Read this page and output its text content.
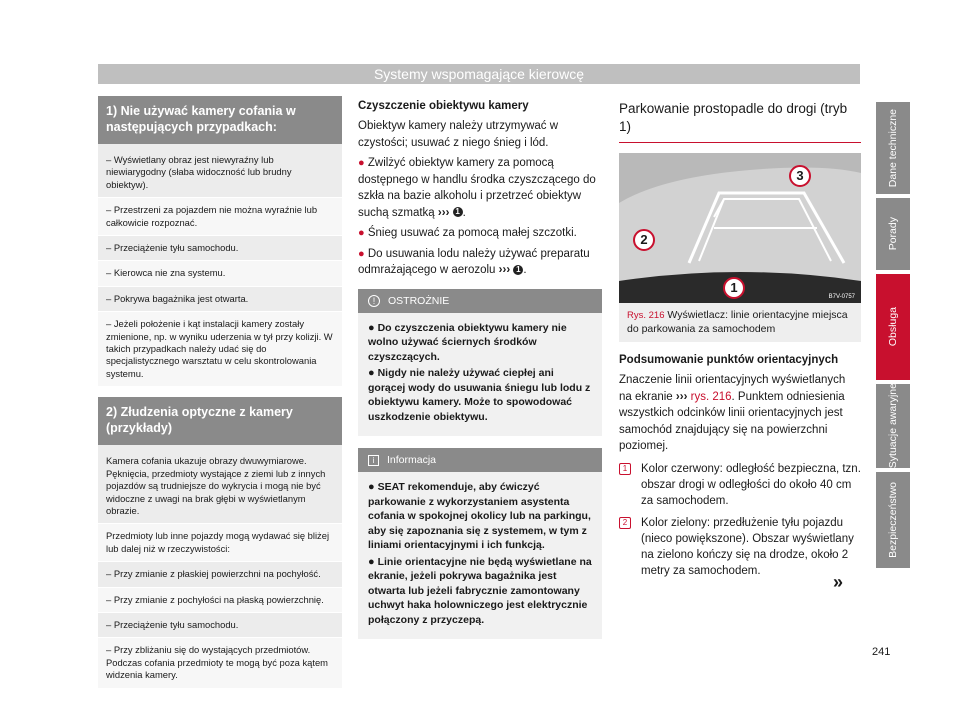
Systemy wspomagające kierowcę
1) Nie używać kamery cofania w następujących przypadkach:
– Wyświetlany obraz jest niewyraźny lub niewiarygodny (słaba widoczność lub brudny obiektyw).
– Przestrzeni za pojazdem nie można wyraźnie lub całkowicie rozpoznać.
– Przeciążenie tyłu samochodu.
– Kierowca nie zna systemu.
– Pokrywa bagażnika jest otwarta.
– Jeżeli położenie i kąt instalacji kamery zostały zmienione, np. w wyniku uderzenia w tył przy kolizji. W takich przypadkach należy udać się do specjalistycznego warsztatu w celu skontrolowania systemu.
2) Złudzenia optyczne z kamery (przykłady)
Kamera cofania ukazuje obrazy dwuwymiarowe. Pęknięcia, przedmioty wystające z ziemi lub z innych pojazdów są trudniejsze do wykrycia i mogą nie być widoczne z uwagi na brak głębi w wyświetlanym obrazie.
Przedmioty lub inne pojazdy mogą wydawać się bliżej lub dalej niż w rzeczywistości:
– Przy zmianie z płaskiej powierzchni na pochyłość.
– Przy zmianie z pochyłości na płaską powierzchnię.
– Przeciążenie tyłu samochodu.
– Przy zbliżaniu się do wystających przedmiotów. Podczas cofania przedmioty te mogą być poza kątem widzenia kamery.
Czyszczenie obiektywu kamery
Obiektyw kamery należy utrzymywać w czystości; usuwać z niego śnieg i lód.
● Zwilżyć obiektyw kamery za pomocą dostępnego w handlu środka czyszczącego do szkła na bazie alkoholu i przetrzeć obiektyw suchą szmatką ››› 1 .
● Śnieg usuwać za pomocą małej szczotki.
● Do usuwania lodu należy używać preparatu odmrażającego w aerozolu ››› 1 .
!	OSTROŻNIE

● Do czyszczenia obiektywu kamery nie wolno używać ściernych środków czyszczących.

● Nigdy nie należy używać ciepłej ani gorącej wody do usuwania śniegu lub lodu z obiektywu kamery. Może to spowodować uszkodzenie obiektywu.

i	Informacja

● SEAT rekomenduje, aby ćwiczyć parkowanie z wykorzystaniem asystenta cofania w spokojnej okolicy lub na parkingu, aby się zapoznania się z systemem, w tym z liniami orientacyjnymi i ich funkcją.

● Linie orientacyjne nie będą wyświetlane na ekranie, jeżeli pokrywa bagażnika jest otwarta lub jeżeli fabrycznie zamontowany uchwyt haka holowniczego jest elektrycznie połączony z przyczepą.

Parkowanie prostopadle do drogi (tryb 1)
1
2
3
B7V-0757
Rys. 216 Wyświetlacz: linie orientacyjne miejsca do parkowania za samochodem
Podsumowanie punktów orientacyjnych
Znaczenie linii orientacyjnych wyświetlanych na ekranie ››› rys. 216. Punktem odniesienia wszystkich odcinków linii orientacyjnych jest samochód znajdujący się na powierzchni poziomej.
1	Kolor czerwony: odległość bezpieczna, tzn. obszar drogi w odległości do około 40 cm za samochodem.
2	Kolor zielony: przedłużenie tyłu pojazdu (nieco powiększone). Obszar wyświetlany na zielono kończy się na drodze, około 2 metry za samochodem.
»
Dane techniczne
Porady
Obsługa
Sytuacje awaryjne
Bezpieczeństwo
241
